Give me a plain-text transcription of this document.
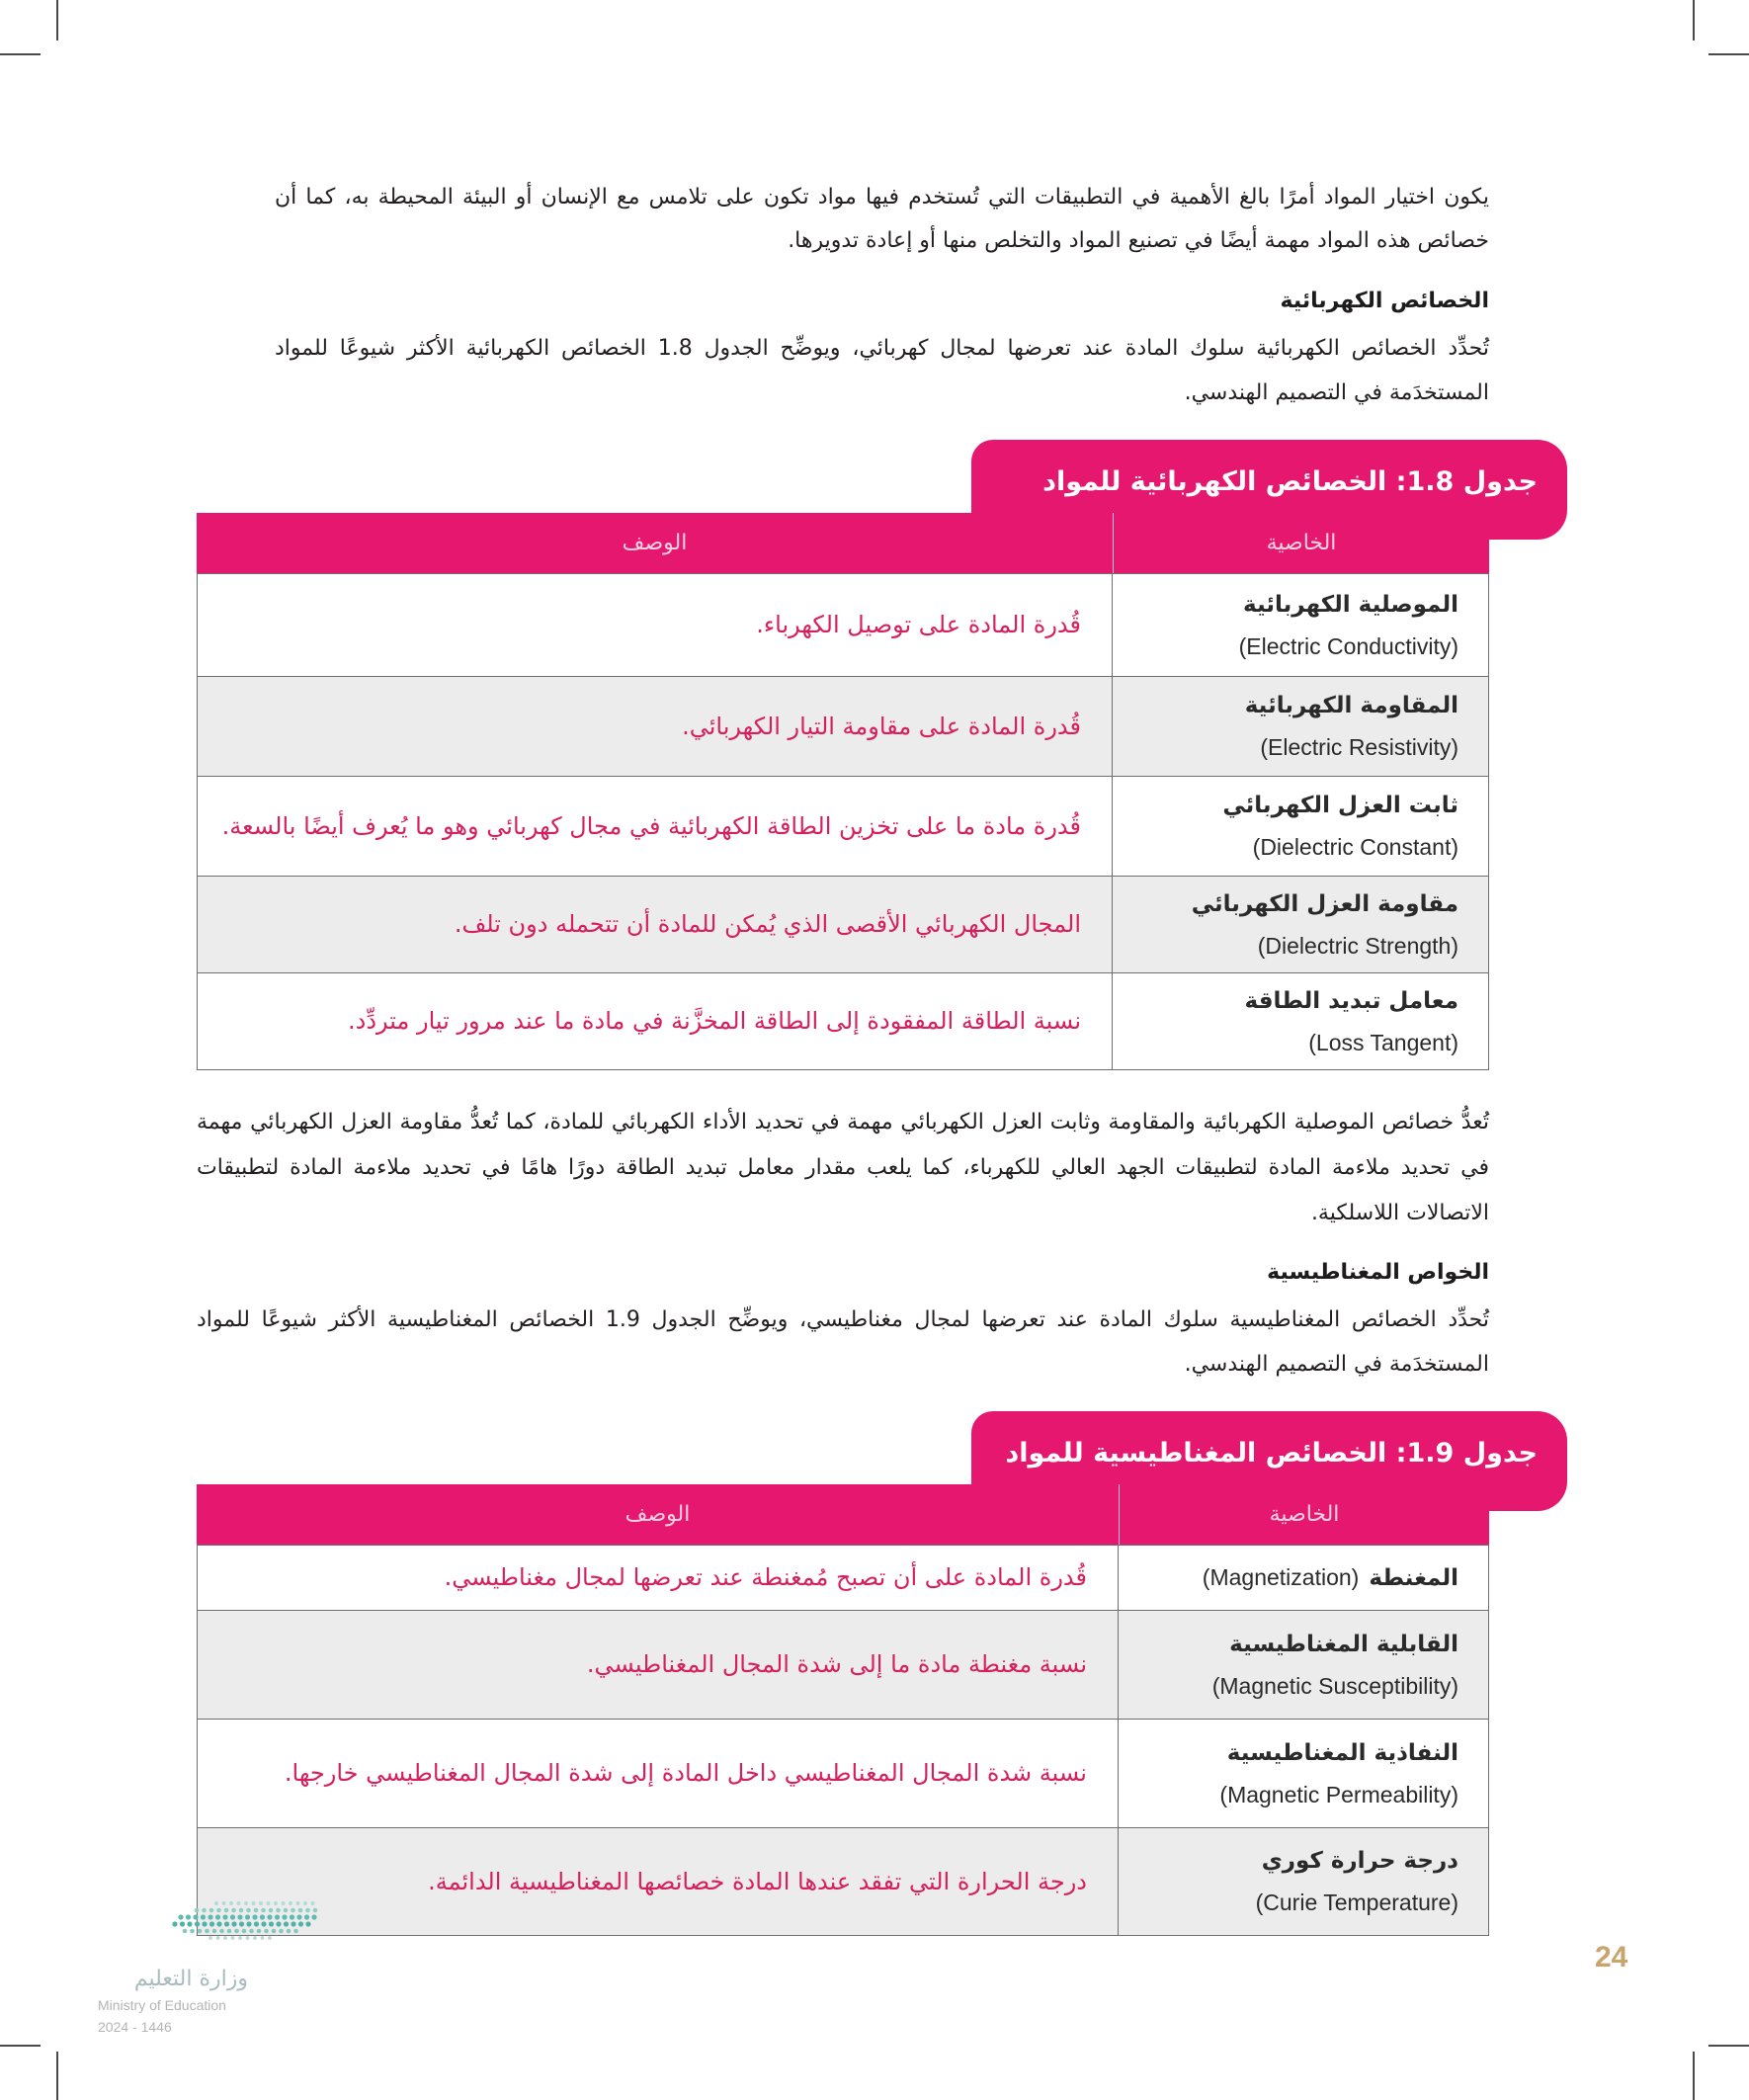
يكون اختيار المواد أمرًا بالغ الأهمية في التطبيقات التي تُستخدم فيها مواد تكون على تلامس مع الإنسان أو البيئة المحيطة به، كما أن خصائص هذه المواد مهمة أيضًا في تصنيع المواد والتخلص منها أو إعادة تدويرها.
الخصائص الكهربائية
تُحدِّد الخصائص الكهربائية سلوك المادة عند تعرضها لمجال كهربائي، ويوضِّح الجدول 1.8 الخصائص الكهربائية الأكثر شيوعًا للمواد المستخدَمة في التصميم الهندسي.
جدول 1.8: الخصائص الكهربائية للمواد
الخاصية
الوصف
الموصلية الكهربائية
(Electric Conductivity)
قُدرة المادة على توصيل الكهرباء.
المقاومة الكهربائية
(Electric Resistivity)
قُدرة المادة على مقاومة التيار الكهربائي.
ثابت العزل الكهربائي
(Dielectric Constant)
قُدرة مادة ما على تخزين الطاقة الكهربائية في مجال كهربائي وهو ما يُعرف أيضًا بالسعة.
مقاومة العزل الكهربائي
(Dielectric Strength)
المجال الكهربائي الأقصى الذي يُمكن للمادة أن تتحمله دون تلف.
معامل تبديد الطاقة
(Loss Tangent)
نسبة الطاقة المفقودة إلى الطاقة المخزَّنة في مادة ما عند مرور تيار متردِّد.
تُعدُّ خصائص الموصلية الكهربائية والمقاومة وثابت العزل الكهربائي مهمة في تحديد الأداء الكهربائي للمادة، كما تُعدُّ مقاومة العزل الكهربائي مهمة في تحديد ملاءمة المادة لتطبيقات الجهد العالي للكهرباء، كما يلعب مقدار معامل تبديد الطاقة دورًا هامًا في تحديد ملاءمة المادة لتطبيقات الاتصالات اللاسلكية.
الخواص المغناطيسية
تُحدِّد الخصائص المغناطيسية سلوك المادة عند تعرضها لمجال مغناطيسي، ويوضِّح الجدول 1.9 الخصائص المغناطيسية الأكثر شيوعًا للمواد المستخدَمة في التصميم الهندسي.
جدول 1.9: الخصائص المغناطيسية للمواد
الخاصية
الوصف
المغنطة
(Magnetization)
قُدرة المادة على أن تصبح مُمغنطة عند تعرضها لمجال مغناطيسي.
القابلية المغناطيسية
(Magnetic Susceptibility)
نسبة مغنطة مادة ما إلى شدة المجال المغناطيسي.
النفاذية المغناطيسية
(Magnetic Permeability)
نسبة شدة المجال المغناطيسي داخل المادة إلى شدة المجال المغناطيسي خارجها.
درجة حرارة كوري
(Curie Temperature)
درجة الحرارة التي تفقد عندها المادة خصائصها المغناطيسية الدائمة.
24
وزارة التعليم
Ministry of Education
2024 - 1446
